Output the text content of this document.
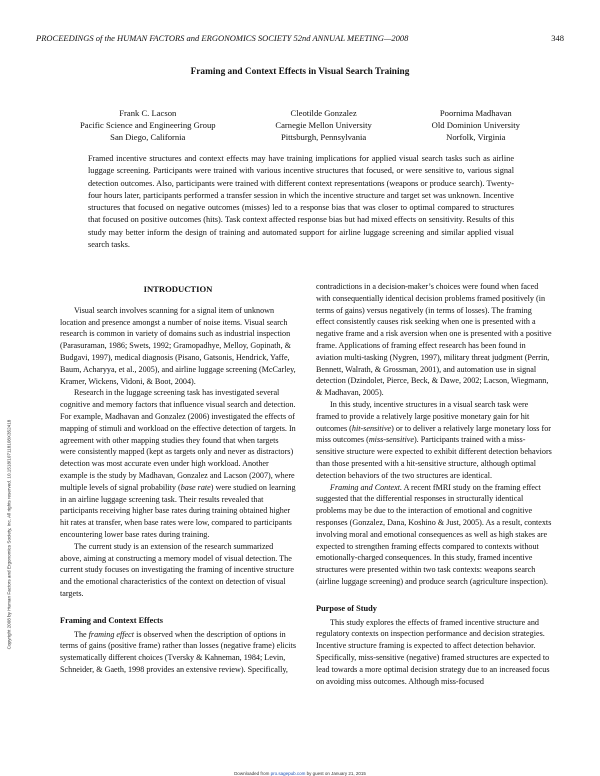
PROCEEDINGS of the HUMAN FACTORS and ERGONOMICS SOCIETY 52nd ANNUAL MEETING—2008	348
Framing and Context Effects in Visual Search Training
Frank C. Lacson
Pacific Science and Engineering Group
San Diego, California
Cleotilde Gonzalez
Carnegie Mellon University
Pittsburgh, Pennsylvania
Poornima Madhavan
Old Dominion University
Norfolk, Virginia
Framed incentive structures and context effects may have training implications for applied visual search tasks such as airline luggage screening. Participants were trained with various incentive structures that focused, or were sensitive to, various signal detection outcomes. Also, participants were trained with different context representations (weapons or produce search). Twenty-four hours later, participants performed a transfer session in which the incentive structure and target set was unknown. Incentive structures that focused on negative outcomes (misses) led to a response bias that was closer to optimal compared to structures that focused on positive outcomes (hits). Task context affected response bias but had mixed effects on sensitivity. Results of this study may better inform the design of training and automated support for airline luggage screening and similar applied visual search tasks.
INTRODUCTION

Visual search involves scanning for a signal item of unknown location and presence amongst a number of noise items. Visual search research is common in variety of domains such as industrial inspection (Parasuraman, 1986; Swets, 1992; Gramopadhye, Melloy, Gopinath, & Budgavi, 1997), medical diagnosis (Pisano, Gatsonis, Hendrick, Yaffe, Baum, Acharyya, et al., 2005), and airline luggage screening (McCarley, Kramer, Wickens, Vidoni, & Boot, 2004).

Research in the luggage screening task has investigated several cognitive and memory factors that influence visual search and detection. For example, Madhavan and Gonzalez (2006) investigated the effects of mapping of stimuli and workload on the effective detection of targets. In agreement with other mapping studies they found that when targets were consistently mapped (kept as targets only and never as distractors) detection was most accurate even under high workload. Another example is the study by Madhavan, Gonzalez and Lacson (2007), where multiple levels of signal probability (base rate) were studied on learning in an airline luggage screening task. Their results revealed that participants receiving higher base rates during training obtained higher hit rates at transfer, when base rates were low, compared to participants encountering lower base rates during training.

The current study is an extension of the research summarized above, aiming at constructing a memory model of visual detection. The current study focuses on investigating the framing of incentive structure and the emotional characteristics of the context on detection of visual targets.

Framing and Context Effects

The framing effect is observed when the description of options in terms of gains (positive frame) rather than losses (negative frame) elicits systematically different choices (Tversky & Kahneman, 1984; Levin, Schneider, & Gaeth, 1998 provides an extensive review). Specifically,

contradictions in a decision-maker’s choices were found when faced with consequentially identical decision problems framed positively (in terms of gains) versus negatively (in terms of losses). The framing effect consistently causes risk seeking when one is presented with a negative frame and a risk aversion when one is presented with a positive frame. Applications of framing effect research has been found in aviation multi-tasking (Nygren, 1997), military threat judgment (Perrin, Bennett, Walrath, & Grossman, 2001), and automation use in signal detection (Dzindolet, Pierce, Beck, & Dawe, 2002; Lacson, Wiegmann, & Madhavan, 2005).

In this study, incentive structures in a visual search task were framed to provide a relatively large positive monetary gain for hit outcomes (hit-sensitive) or to deliver a relatively large monetary loss for miss outcomes (miss-sensitive). Participants trained with a miss-sensitive structure were expected to exhibit different detection behaviors than those presented with a hit-sensitive structure, although optimal detection behaviors of the two structures are identical.

Framing and Context. A recent fMRI study on the framing effect suggested that the differential responses in structurally identical problems may be due to the interaction of emotional and cognitive responses (Gonzalez, Dana, Koshino & Just, 2005). As a result, contexts involving moral and emotional consequences as well as high stakes are expected to strengthen framing effects compared to contexts without emotionally-charged consequences. In this study, framed incentive structures were presented within two task contexts: weapons search (airline luggage screening) and produce search (agriculture inspection).

Purpose of Study

This study explores the effects of framed incentive structure and regulatory contexts on inspection performance and decision strategies. Incentive structure framing is expected to affect detection behavior. Specifically, miss-sensitive (negative) framed structures are expected to lead towards a more optimal decision strategy due to an increased focus on avoiding miss outcomes. Although miss-focused

Copyright 2008 by Human Factors and Ergonomics Society, Inc. All rights reserved. 10.1518/107118108X352418
Downloaded from pro.sagepub.com by guest on January 21, 2015
